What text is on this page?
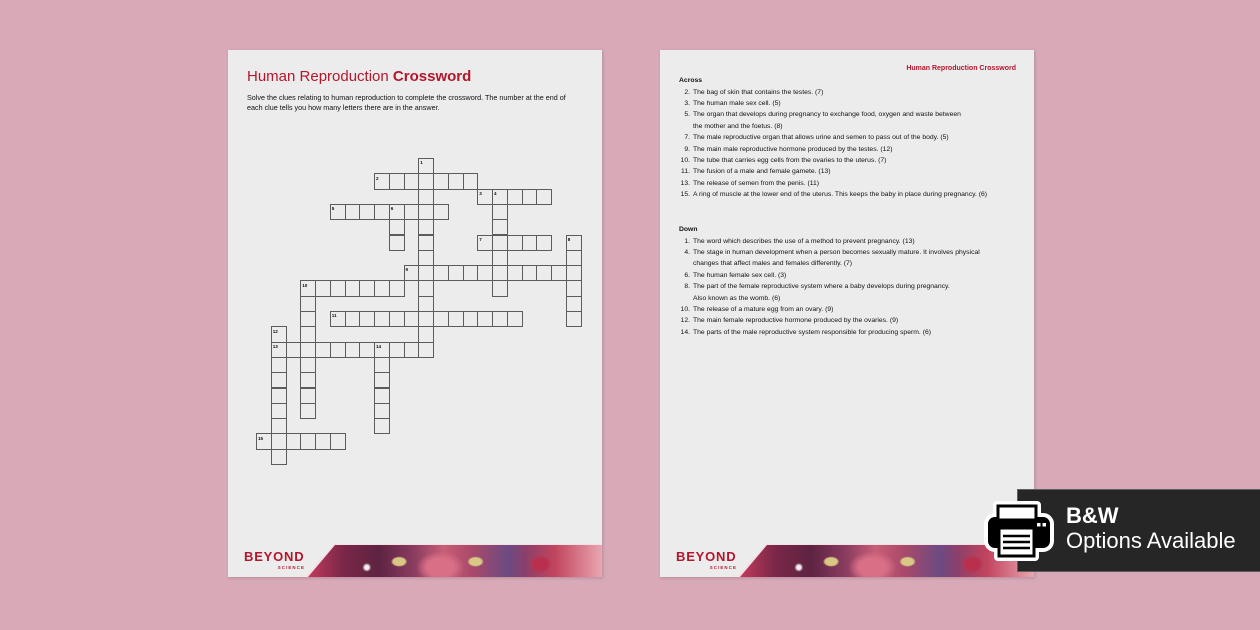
Human Reproduction Crossword
Solve the clues relating to human reproduction to complete the crossword. The number at the end of
each clue tells you how many letters there are in the answer.
1
2
3	4
5	6
7	8
9
10
11
12
13	14
15
BEYOND
SCIENCE
Human Reproduction Crossword
Across
2. The bag of skin that contains the testes. (7)
3. The human male sex cell. (5)
5. The organ that develops during pregnancy to exchange food, oxygen and waste between
the mother and the foetus. (8)
7. The male reproductive organ that allows urine and semen to pass out of the body. (5)
9. The main male reproductive hormone produced by the testes. (12)
10. The tube that carries egg cells from the ovaries to the uterus. (7)
11. The fusion of a male and female gamete. (13)
13. The release of semen from the penis. (11)
15. A ring of muscle at the lower end of the uterus. This keeps the baby in place during pregnancy. (6)
Down
1. The word which describes the use of a method to prevent pregnancy. (13)
4. The stage in human development when a person becomes sexually mature. It involves physical
changes that affect males and females differently. (7)
6. The human female sex cell. (3)
8. The part of the female reproductive system where a baby develops during pregnancy.
Also known as the womb. (6)
10. The release of a mature egg from an ovary. (9)
12. The main female reproductive hormone produced by the ovaries. (9)
14. The parts of the male reproductive system responsible for producing sperm. (6)
BEYOND
SCIENCE
B&W
Options Available
